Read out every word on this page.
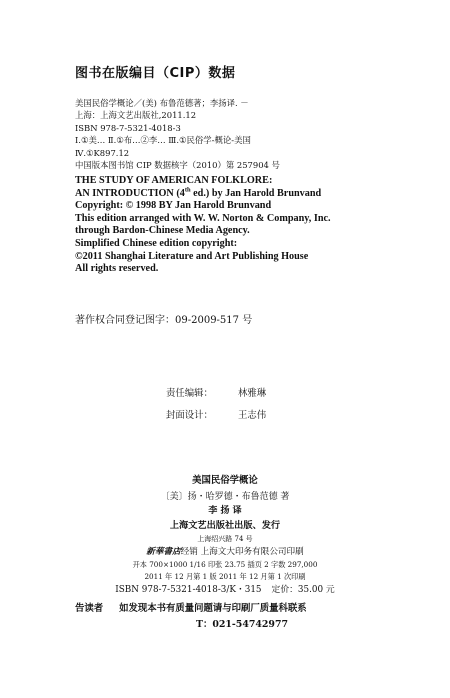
图书在版编目（CIP）数据
美国民俗学概论／(美) 布鲁范德著；李扬译. －
上海：上海文艺出版社,2011.12
ISBN 978-7-5321-4018-3
Ⅰ.①美… Ⅱ.①布…②李… Ⅲ.①民俗学-概论-美国
Ⅳ.①K897.12
中国版本图书馆 CIP 数据核字（2010）第 257904 号
THE STUDY OF AMERICAN FOLKLORE:
AN INTRODUCTION (4th ed.) by Jan Harold Brunvand
Copyright: © 1998 BY Jan Harold Brunvand
This edition arranged with W. W. Norton & Company, Inc.
through Bardon-Chinese Media Agency.
Simplified Chinese edition copyright:
©2011 Shanghai Literature and Art Publishing House
All rights reserved.
著作权合同登记图字：09-2009-517 号
责任编辑：	林雅琳
封面设计：	王志伟
美国民俗学概论
〔美〕扬・哈罗德・布鲁范德 著
李 扬 译
上海文艺出版社出版、发行
上海绍兴路 74 号
新華書店经销 上海文大印务有限公司印刷
开本 700×1000 1/16 印张 23.75 插页 2 字数 297,000
2011 年 12 月第 1 版 2011 年 12 月第 1 次印刷
ISBN 978-7-5321-4018-3/K・315 定价：35.00 元
告读者 如发现本书有质量问题请与印刷厂质量科联系
T：021-54742977
